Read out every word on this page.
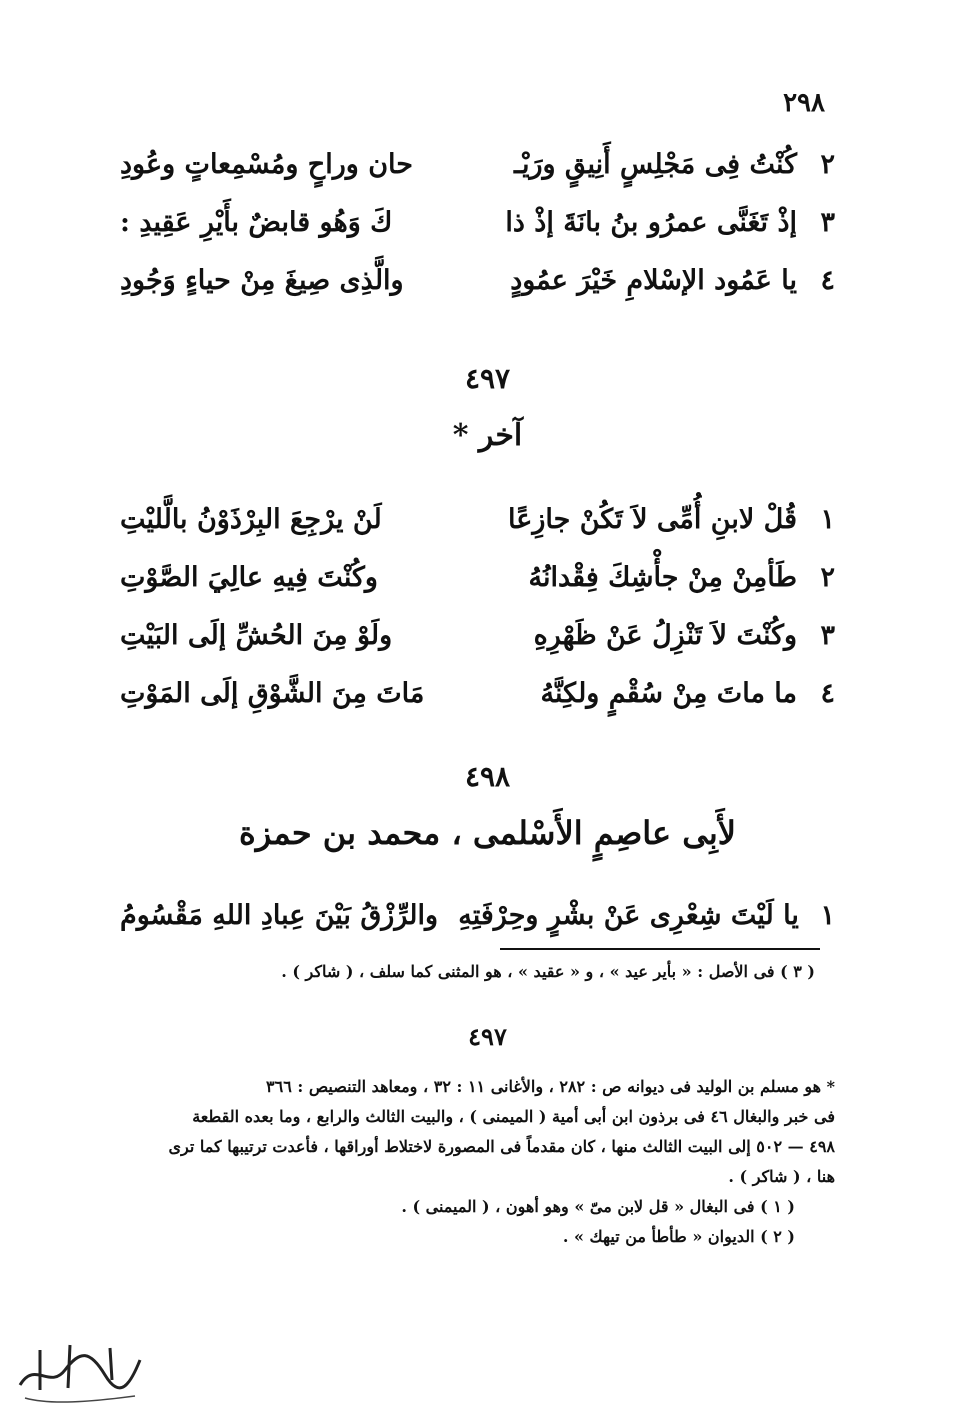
٢٩٨
٢
كُنْتُ فِى مَجْلِسٍ أَنِيقٍ ورَيْـ
حان وراحٍ ومُسْمِعاتٍ وعُودِ
٣
إذْ تَغَنَّى عمرُو بنُ بانَةَ إذْ ذا
كَ وَهُو قابضٌ بأَيْرِ عَقِيدِ :
٤
يا عَمُود الإسْلامِ خَيْرَ عمُودٍ
والَّذِى صِيغَ مِنْ حياءٍ وَجُودِ
٤٩٧
آخر *
١
قُلْ لابنِ أُمِّى لاَ تَكُنْ جازِعًا
لَنْ يرْجِعَ البِرْذَوْنُ بالَّليْتِ
٢
طَأمِنْ مِنْ جأْشِكَ فِقْدانُهُ
وكُنْتَ فِيهِ عالِيَ الصَّوْتِ
٣
وكُنْتَ لاَ تَنْزِلُ عَنْ ظَهْرِهِ
ولَوْ مِنَ الحُشِّ إلَى البَيْتِ
٤
ما ماتَ مِنْ سُقْمٍ ولكِنَّهُ
مَاتَ مِنَ الشَّوْقِ إلَى المَوْتِ
٤٩٨
لأَبِى عاصِمٍ الأَسْلمى ، محمد بن حمزة
١
يا لَيْتَ شِعْرِى عَنْ بشْرٍ وحِرْفَتِهِ
والرِّزْقُ بَيْنَ عِبادِ اللهِ مَقْسُومُ
( ٣ ) فى الأصل : « بأير عيد » ، و « عقيد » ، هو المثنى كما سلف ، ( شاكر ) .
٤٩٧
* هو مسلم بن الوليد فى ديوانه ص : ٢٨٢ ، والأغانى ١١ : ٣٢ ، ومعاهد التنصيص : ٣٦٦
فى خبر والبغال ٤٦ فى برذون ابن أبى أمية ( الميمنى ) ، والبيت الثالث والرابع ، وما بعده القطعة
٤٩٨ — ٥٠٢ إلى البيت الثالث منها ، كان مقدماً فى المصورة لاختلاط أوراقها ، فأعدت ترتيبها كما ترى
هنا ، ( شاكر ) .
( ١ ) فى البغال « قل لابن مىّ » وهو أهون ، ( الميمنى ) .
( ٢ ) الديوان « طأطأ من تيهك » .
